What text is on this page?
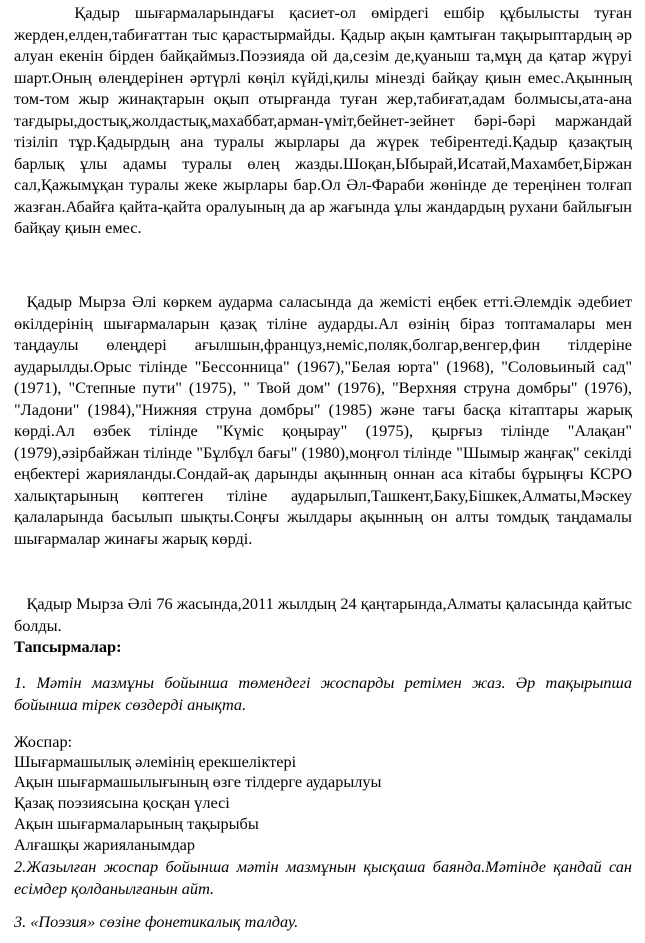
Қадыр шығармаларындағы қасиет-ол өмірдегі ешбір құбылысты туған жерден,елден,табиғаттан тыс қарастырмайды. Қадыр ақын қамтыған тақырыптардың әр алуан екенін бірден байқаймыз.Поэзияда ой да,сезім де,қуаныш та,мұң да қатар жүруі шарт.Оның өлеңдерінен әртүрлі көңіл күйді,қилы мінезді байқау қиын емес.Ақынның том-том жыр жинақтарын оқып отырғанда туған жер,табиғат,адам болмысы,ата-ана тағдыры,достық,жолдастық,махаббат,арман-үміт,бейнет-зейнет бәрі-бәрі маржандай тізіліп тұр.Қадырдың ана туралы жырлары да жүрек тебірентеді.Қадыр қазақтың барлық ұлы адамы туралы өлең жазды.Шоқан,Ыбырай,Исатай,Махамбет,Біржан сал,Қажымұқан туралы жеке жырлары бар.Ол Әл-Фараби жөнінде де тереңінен толғап жазған.Абайға қайта-қайта оралуының да ар жағында ұлы жандардың рухани байлығын байқау қиын емес.

Қадыр Мырза Әлі көркем аударма саласында да жемісті еңбек етті.Әлемдік әдебиет өкілдерінің шығармаларын қазақ тіліне аударды.Ал өзінің біраз топтамалары мен таңдаулы өлеңдері ағылшын,француз,неміс,поляк,болгар,венгер,фин тілдеріне аударылды.Орыс тілінде "Бессонница" (1967),"Белая юрта" (1968), "Соловьиный сад" (1971), "Степные пути" (1975), " Твой дом" (1976), "Верхняя струна домбры" (1976), "Ладони" (1984),"Нижняя струна домбры" (1985) және тағы басқа кітаптары жарық көрді.Ал өзбек тілінде "Күміс қоңырау" (1975), қырғыз тілінде "Алақан" (1979),әзірбайжан тілінде "Бұлбұл бағы" (1980),моңғол тілінде "Шымыр жаңғақ" секілді еңбектері жарияланды.Сондай-ақ дарынды ақынның оннан аса кітабы бұрыңғы КСРО халықтарының көптеген тіліне аударылып,Ташкент,Баку,Бішкек,Алматы,Мәскеу қалаларында басылып шықты.Соңғы жылдары ақынның он алты томдық таңдамалы шығармалар жинағы жарық көрді.

Қадыр Мырза Әлі 76 жасында,2011 жылдың 24 қаңтарында,Алматы қаласында қайтыс болды.

Тапсырмалар:

1. Мәтін мазмұны бойынша төмендегі жоспарды ретімен жаз. Әр тақырыпша бойынша тірек сөздерді анықта.

Жоспар:

Шығармашылық әлемінің ерекшеліктері

Ақын шығармашылығының өзге тілдерге аударылуы

Қазақ поэзиясына қосқан үлесі

Ақын шығармаларының тақырыбы

Алғашқы жарияланымдар

2.Жазылған жоспар бойынша мәтін мазмұнын қысқаша баянда.Мәтінде қандай сан есімдер қолданылғанын айт.

3. «Поэзия» сөзіне фонетикалық талдау.
